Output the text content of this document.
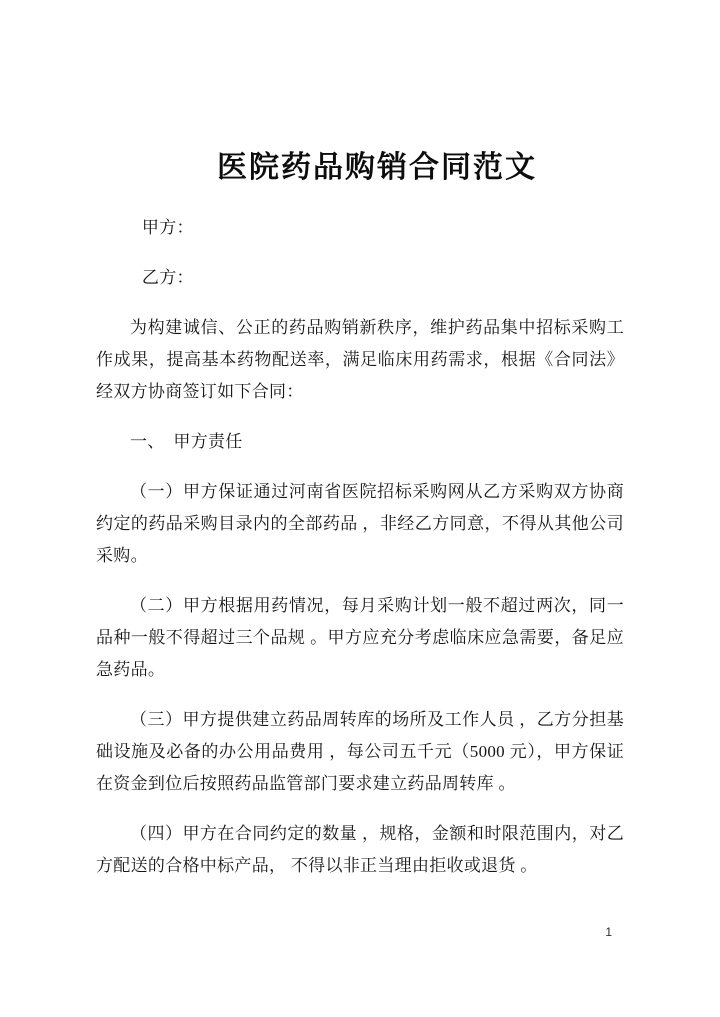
医院药品购销合同范文

甲方：

乙方：

为构建诚信、公正的药品购销新秩序，维护药品集中招标采购工作成果，提高基本药物配送率，满足临床用药需求，根据《合同法》经双方协商签订如下合同：

一、　甲方责任

（一）甲方保证通过河南省医院招标采购网从乙方采购双方协商约定的药品采购目录内的全部药品 ，非经乙方同意，不得从其他公司采购。

（二）甲方根据用药情况，每月采购计划一般不超过两次，同一品种一般不得超过三个品规 。甲方应充分考虑临床应急需要，备足应急药品。

（三）甲方提供建立药品周转库的场所及工作人员 ，乙方分担基础设施及必备的办公用品费用 ，每公司五千元（5000 元），甲方保证在资金到位后按照药品监管部门要求建立药品周转库 。

（四）甲方在合同约定的数量 ，规格，金额和时限范围内，对乙方配送的合格中标产品， 不得以非正当理由拒收或退货 。

1
